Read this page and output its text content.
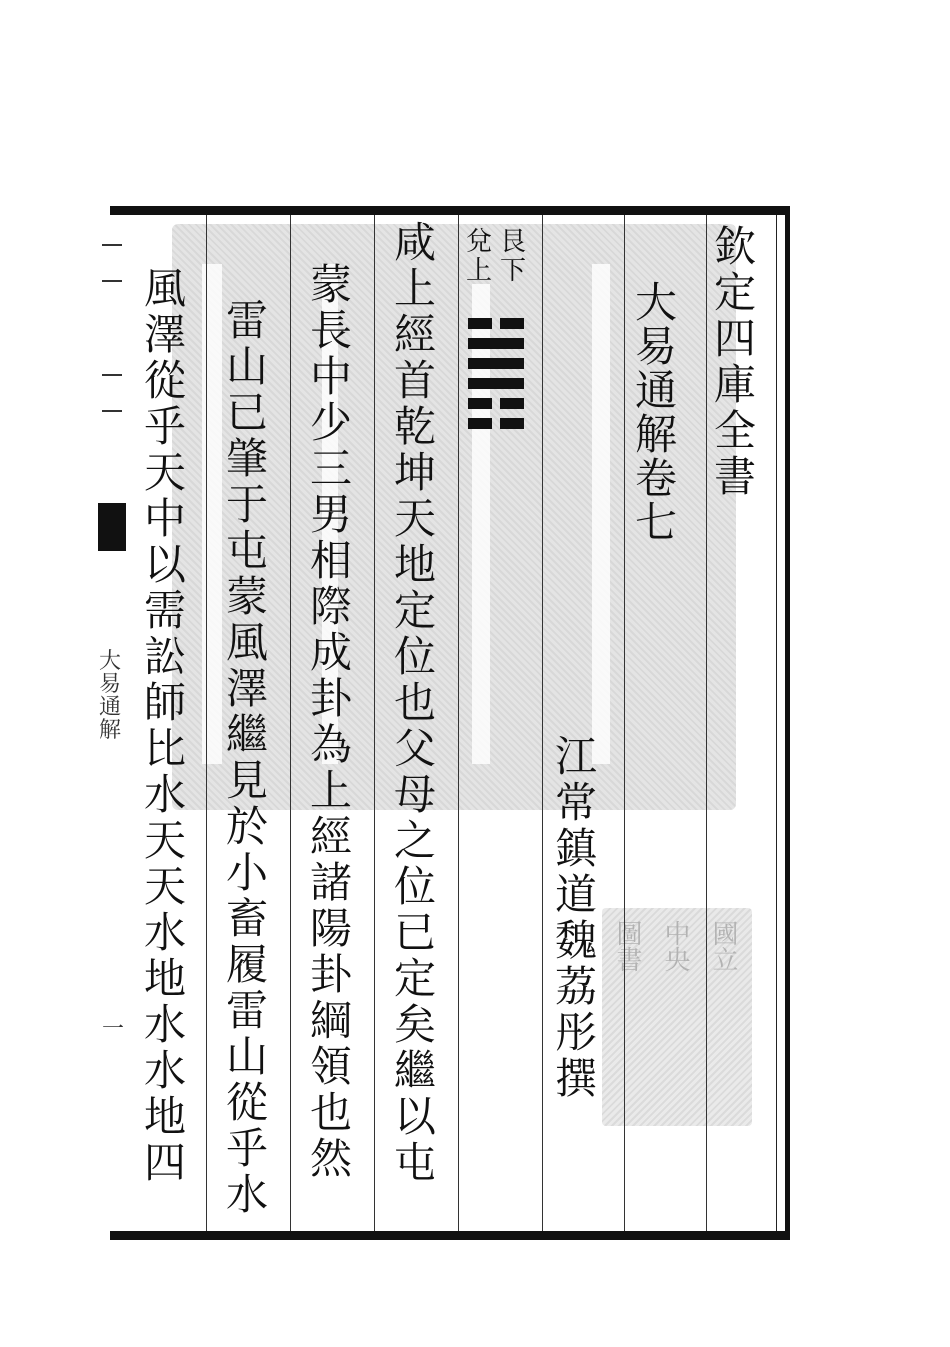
國立
中央
圖書
欽
定
四
庫
全
書
大
易
通
解
卷
七
江
常
鎮
道
魏
荔
彤
撰
艮
下
兌
上
咸
上
經
首
乾
坤
天
地
定
位
也
父
母
之
位
已
定
矣
繼
以
屯
蒙
長
中
少
三
男
相
際
成
卦
為
上
經
諸
陽
卦
綱
領
也
然
雷
山
已
肇
于
屯
蒙
風
澤
繼
見
於
小
畜
履
雷
山
從
乎
水
風
澤
從
乎
天
中
以
需
訟
師
比
水
天
天
水
地
水
水
地
四
大
易
通
解
一
